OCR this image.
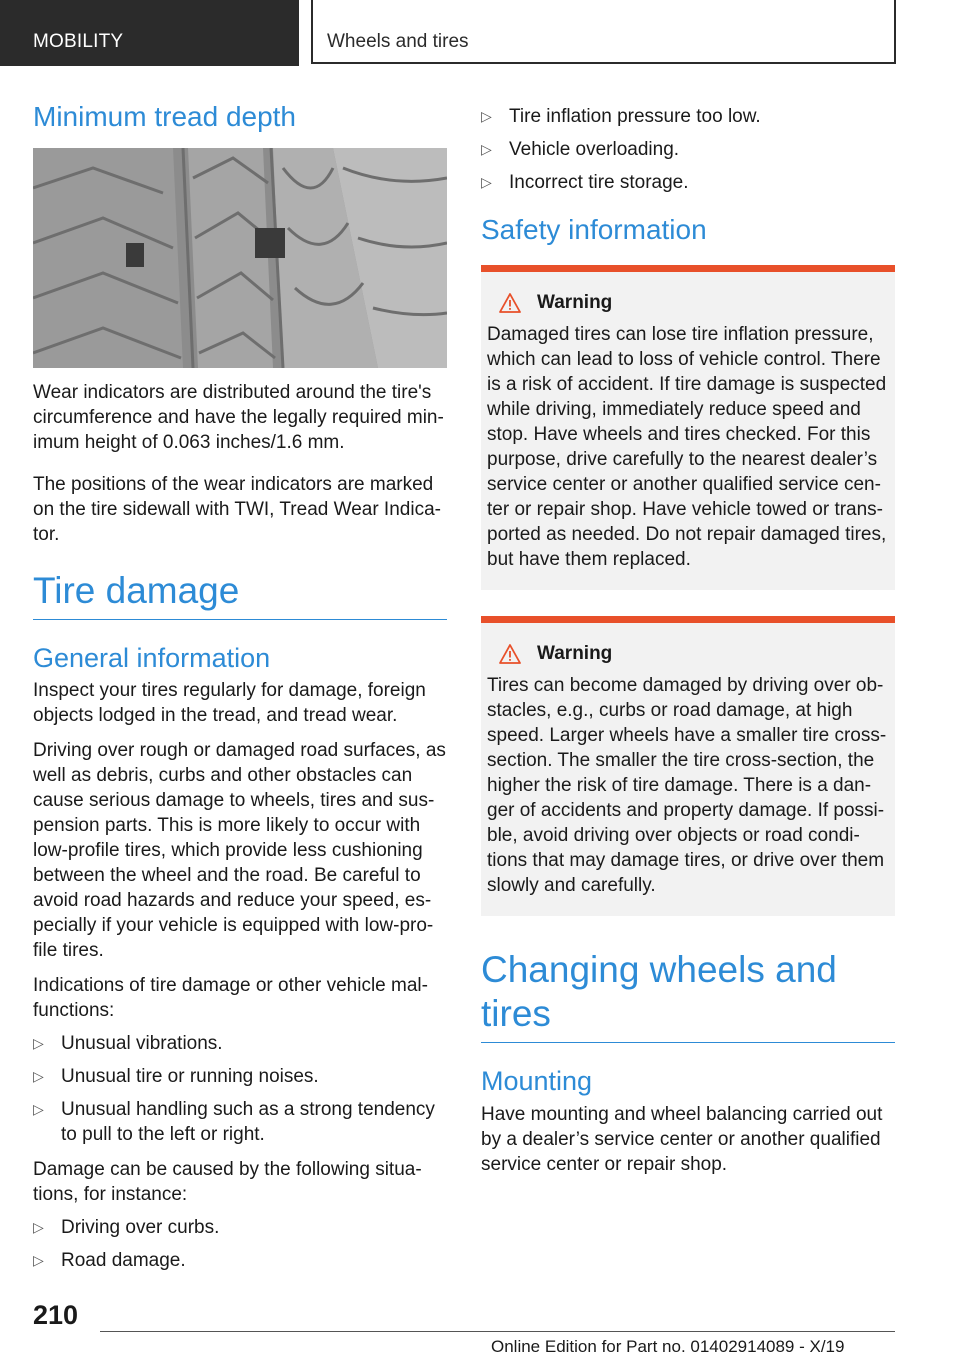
MOBILITY	Wheels and tires
Minimum tread depth

Wear indicators are distributed around the tire's circumference and have the legally required min-imum height of 0.063 inches/1.6 mm.

The positions of the wear indicators are marked on the tire sidewall with TWI, Tread Wear Indica-tor.

Tire damage
General information

Inspect your tires regularly for damage, foreign objects lodged in the tread, and tread wear.

Driving over rough or damaged road surfaces, as well as debris, curbs and other obstacles can cause serious damage to wheels, tires and sus-pension parts. This is more likely to occur with low-profile tires, which provide less cushioning between the wheel and the road. Be careful to avoid road hazards and reduce your speed, es-pecially if your vehicle is equipped with low-pro-file tires.

Indications of tire damage or other vehicle mal-functions:

▷ Unusual vibrations.
▷ Unusual tire or running noises.
▷ Unusual handling such as a strong tendency to pull to the left or right.

Damage can be caused by the following situa-tions, for instance:

▷ Driving over curbs.
▷ Road damage.
▷ Tire inflation pressure too low.
▷ Vehicle overloading.
▷ Incorrect tire storage.
Safety information
Warning

Damaged tires can lose tire inflation pressure, which can lead to loss of vehicle control. There is a risk of accident. If tire damage is suspected while driving, immediately reduce speed and stop. Have wheels and tires checked. For this purpose, drive carefully to the nearest dealer’s service center or another qualified service cen-ter or repair shop. Have vehicle towed or trans-ported as needed. Do not repair damaged tires, but have them replaced.

Warning

Tires can become damaged by driving over ob-stacles, e.g., curbs or road damage, at high speed. Larger wheels have a smaller tire cross-section. The smaller the tire cross-section, the higher the risk of tire damage. There is a dan-ger of accidents and property damage. If possi-ble, avoid driving over objects or road condi-tions that may damage tires, or drive over them slowly and carefully.

Changing wheels and tires
Mounting

Have mounting and wheel balancing carried out by a dealer’s service center or another qualified service center or repair shop.

210
Online Edition for Part no. 01402914089 - X/19
